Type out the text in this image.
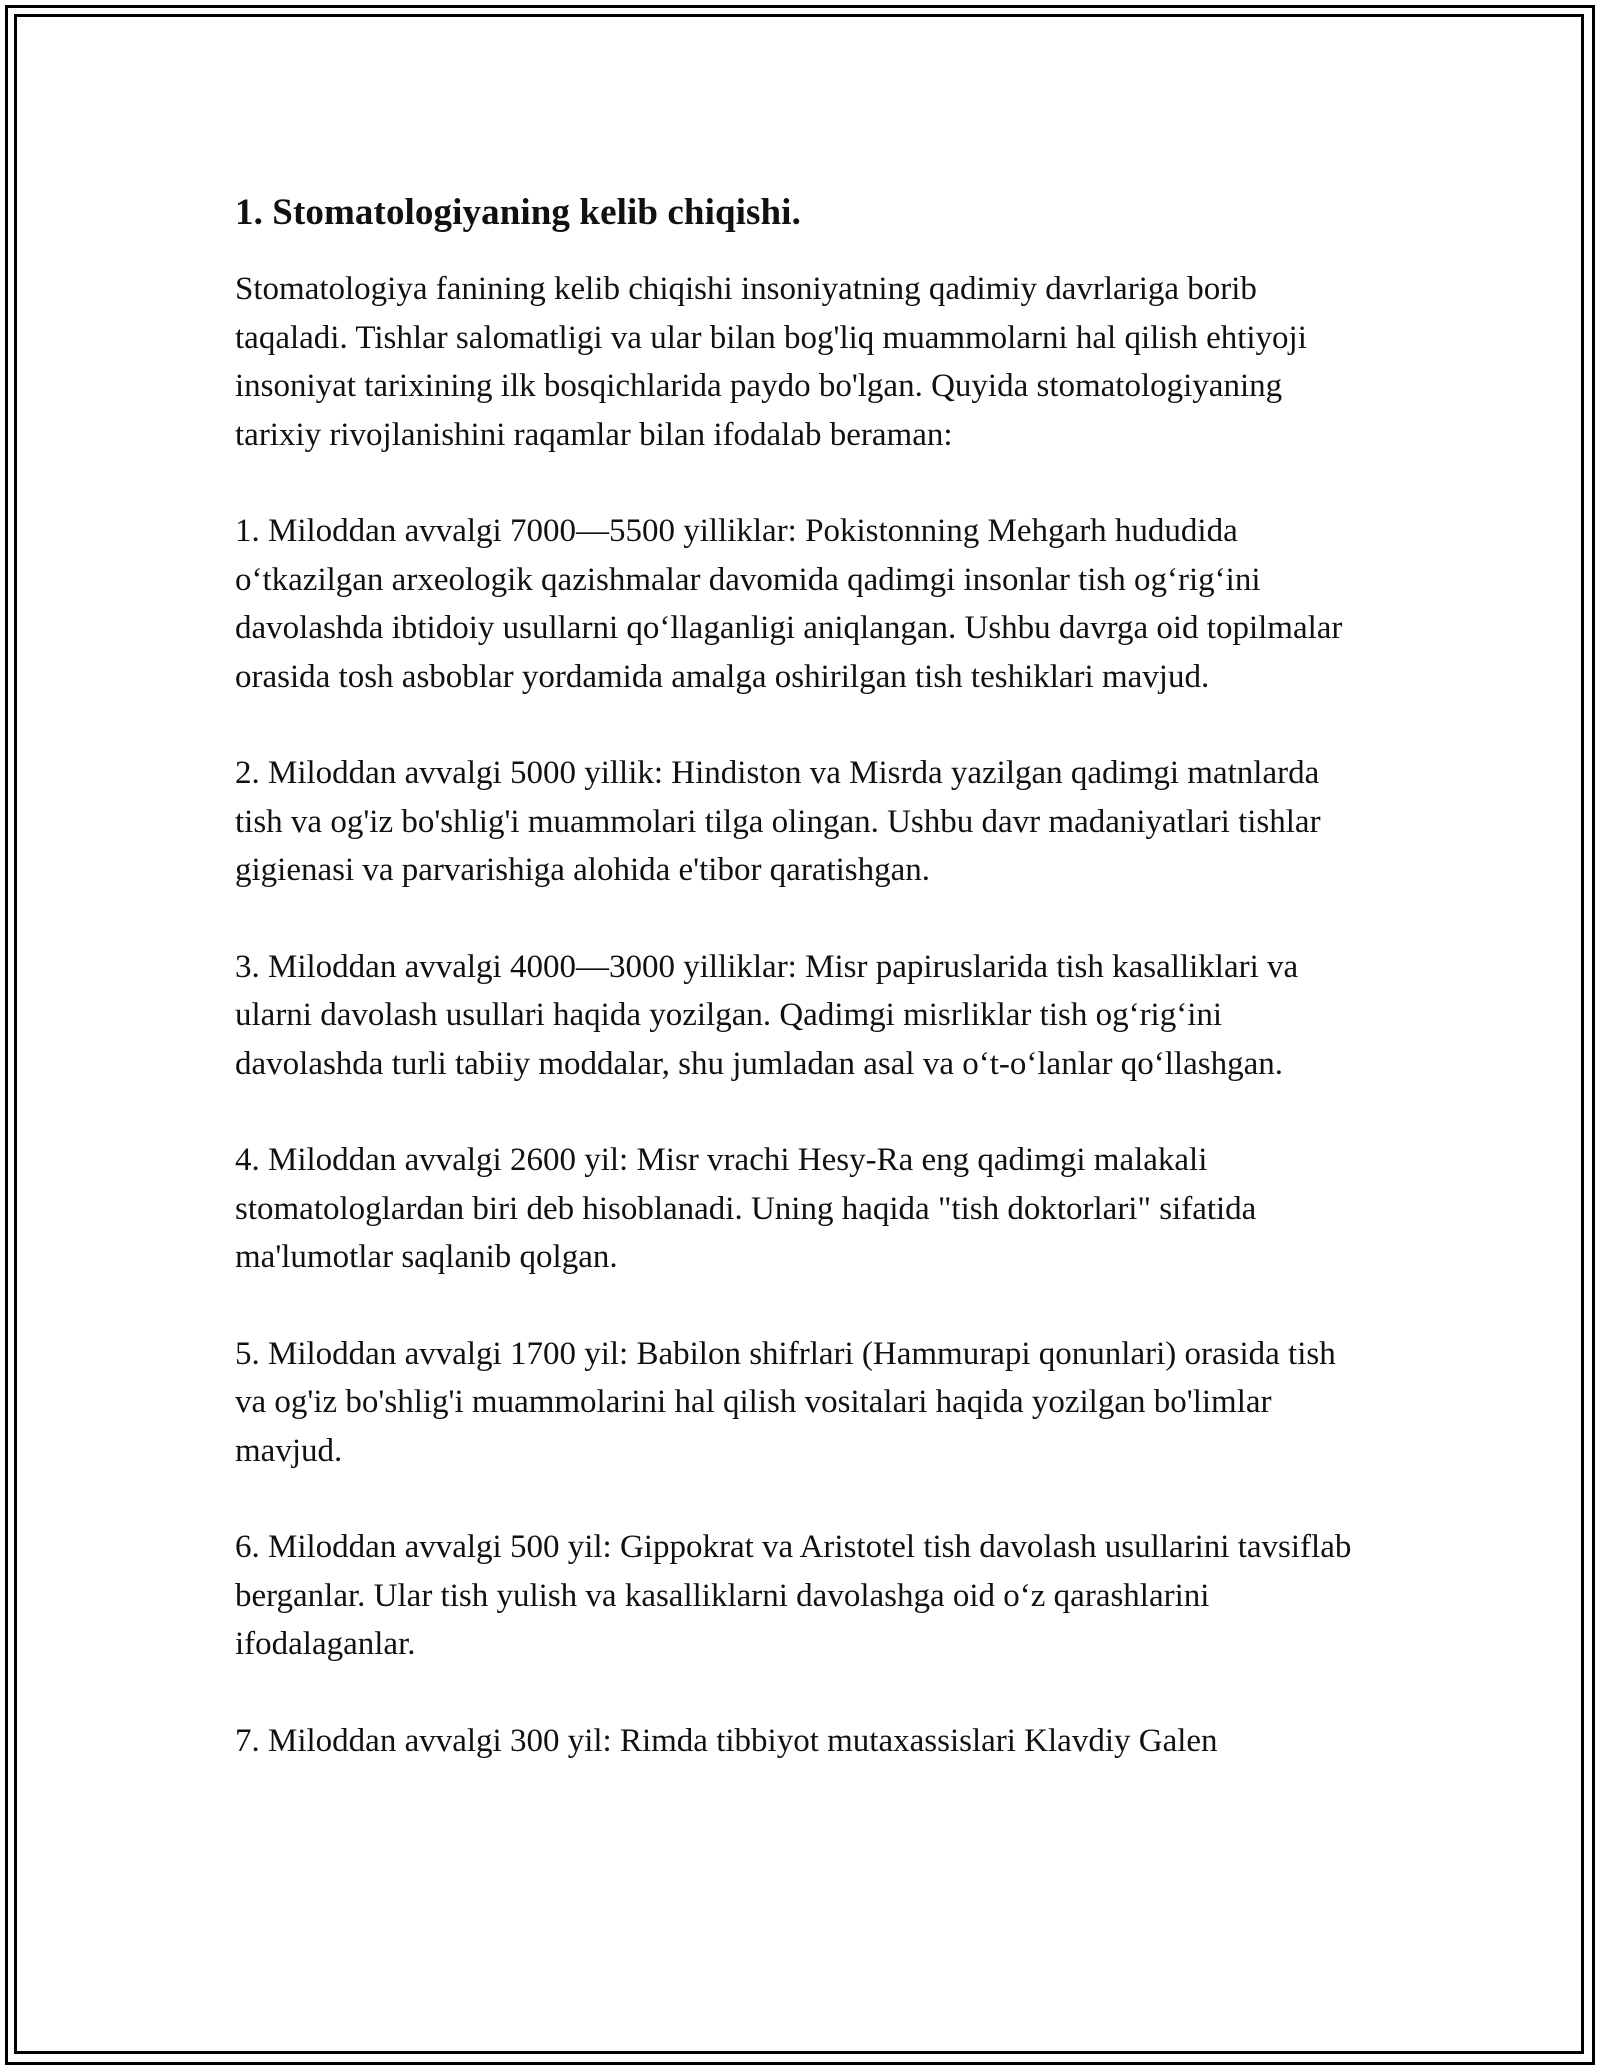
1. Stomatologiyaning kelib chiqishi.

Stomatologiya fanining kelib chiqishi insoniyatning qadimiy davrlariga borib taqaladi. Tishlar salomatligi va ular bilan bog'liq muammolarni hal qilish ehtiyoji insoniyat tarixining ilk bosqichlarida paydo bo'lgan. Quyida stomatologiyaning tarixiy rivojlanishini raqamlar bilan ifodalab beraman:

1. Miloddan avvalgi 7000—5500 yilliklar: Pokistonning Mehgarh hududida o‘tkazilgan arxeologik qazishmalar davomida qadimgi insonlar tish og‘rig‘ini davolashda ibtidoiy usullarni qo‘llaganligi aniqlangan. Ushbu davrga oid topilmalar orasida tosh asboblar yordamida amalga oshirilgan tish teshiklari mavjud.

2. Miloddan avvalgi 5000 yillik: Hindiston va Misrda yazilgan qadimgi matnlarda tish va og'iz bo'shlig'i muammolari tilga olingan. Ushbu davr madaniyatlari tishlar gigienasi va parvarishiga alohida e'tibor qaratishgan.

3. Miloddan avvalgi 4000—3000 yilliklar: Misr papiruslarida tish kasalliklari va ularni davolash usullari haqida yozilgan. Qadimgi misrliklar tish og‘rig‘ini davolashda turli tabiiy moddalar, shu jumladan asal va o‘t-o‘lanlar qo‘llashgan.

4. Miloddan avvalgi 2600 yil: Misr vrachi Hesy-Ra eng qadimgi malakali stomatologlardan biri deb hisoblanadi. Uning haqida "tish doktorlari" sifatida ma'lumotlar saqlanib qolgan.

5. Miloddan avvalgi 1700 yil: Babilon shifrlari (Hammurapi qonunlari) orasida tish va og'iz bo'shlig'i muammolarini hal qilish vositalari haqida yozilgan bo'limlar mavjud.

6. Miloddan avvalgi 500 yil: Gippokrat va Aristotel tish davolash usullarini tavsiflab berganlar. Ular tish yulish va kasalliklarni davolashga oid o‘z qarashlarini ifodalaganlar.

7. Miloddan avvalgi 300 yil: Rimda tibbiyot mutaxassislari Klavdiy Galen
